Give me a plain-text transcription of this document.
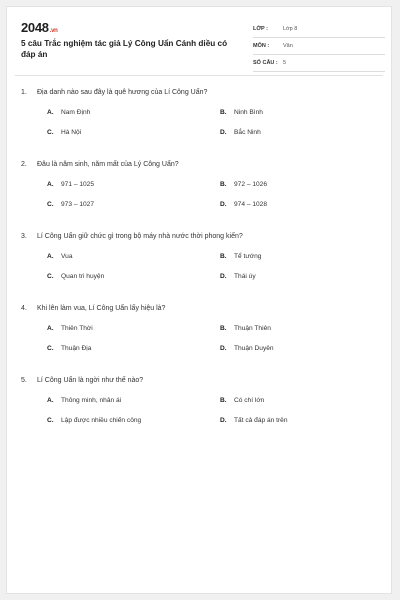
2048.vn
5 câu Trắc nghiệm tác giả Lý Công Uẩn Cánh diều có đáp án
LỚP :	Lớp 8
MÔN :	Văn
SỐ CÂU : 5
1.	Địa danh nào sau đây là quê hương của Lí Công Uẩn?
A.	Nam Định	B.	Ninh Bình
C.	Hà Nội	D.	Bắc Ninh
2.	Đâu là năm sinh, năm mất của Lý Công Uẩn?
A.	971 – 1025	B.	972 – 1026
C.	973 – 1027	D.	974 – 1028
3.	Lí Công Uẩn giữ chức gì trong bộ máy nhà nước thời phong kiến?
A.	Vua	B.	Tể tướng
C.	Quan tri huyện	D.	Thái úy
4.	Khi lên làm vua, Lí Công Uẩn lấy hiệu là?
A.	Thiên Thời	B.	Thuận Thiên
C.	Thuận Địa	D.	Thuận Duyên
5.	Lí Công Uẩn là ngời như thế nào?
A.	Thông minh, nhân ái	B.	Có chí lớn
C.	Lập được nhiều chiến công	D.	Tất cả đáp án trên
